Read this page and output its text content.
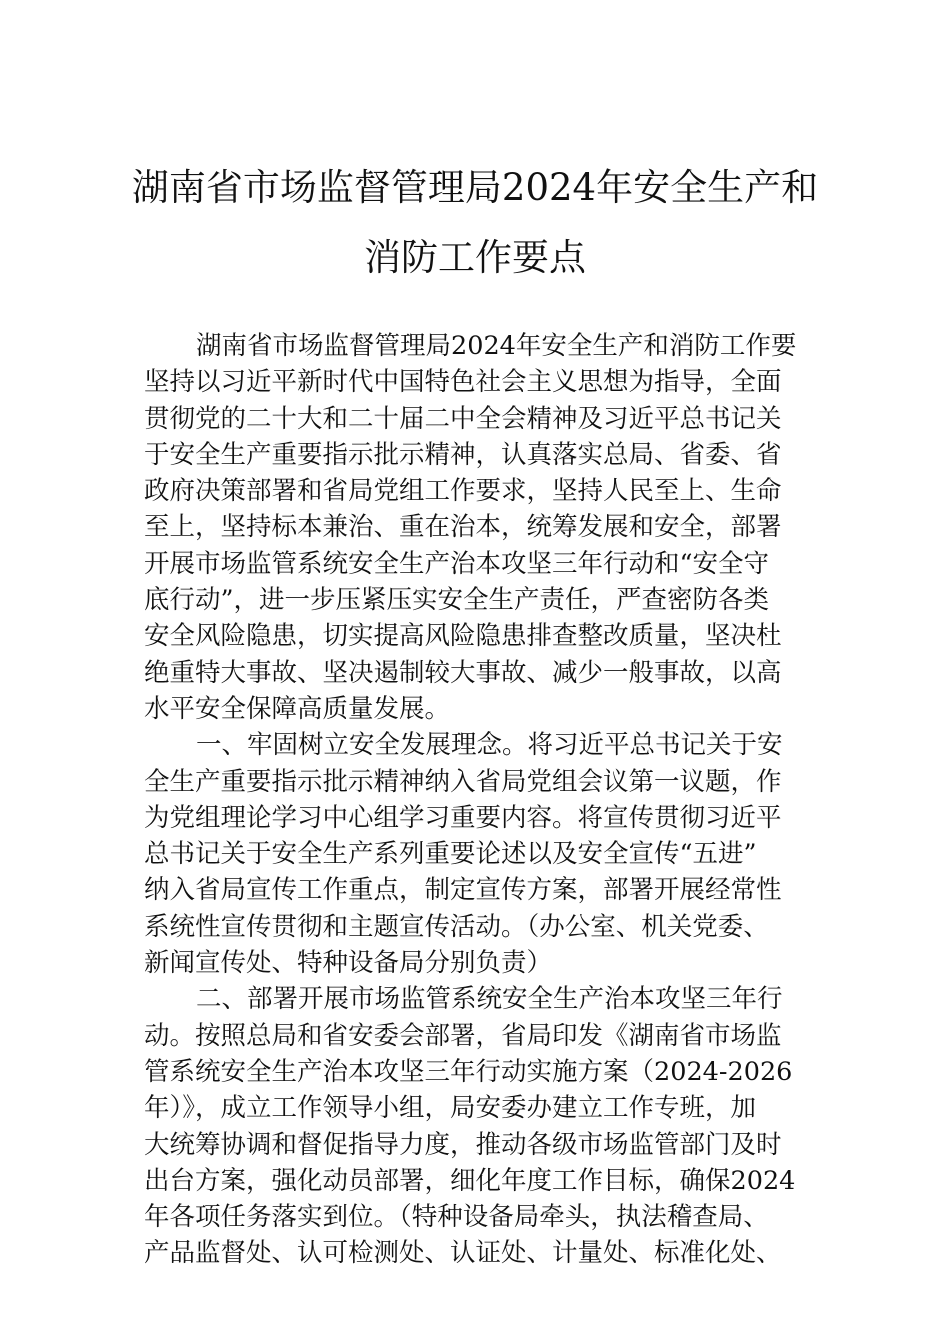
湖南省市场监督管理局2024年安全生产和
消防工作要点
湖南省市场监督管理局2024年安全生产和消防工作要
坚持以习近平新时代中国特色社会主义思想为指导，全面
贯彻党的二十大和二十届二中全会精神及习近平总书记关
于安全生产重要指示批示精神，认真落实总局、省委、省
政府决策部署和省局党组工作要求，坚持人民至上、生命
至上，坚持标本兼治、重在治本，统筹发展和安全，部署
开展市场监管系统安全生产治本攻坚三年行动和“安全守
底行动”，进一步压紧压实安全生产责任，严查密防各类
安全风险隐患，切实提高风险隐患排查整改质量，坚决杜
绝重特大事故、坚决遏制较大事故、减少一般事故，以高
水平安全保障高质量发展。
一、牢固树立安全发展理念。将习近平总书记关于安
全生产重要指示批示精神纳入省局党组会议第一议题，作
为党组理论学习中心组学习重要内容。将宣传贯彻习近平
总书记关于安全生产系列重要论述以及安全宣传“五进”
纳入省局宣传工作重点，制定宣传方案，部署开展经常性
系统性宣传贯彻和主题宣传活动。（办公室、机关党委、
新闻宣传处、特种设备局分别负责）
二、部署开展市场监管系统安全生产治本攻坚三年行
动。按照总局和省安委会部署，省局印发《湖南省市场监
管系统安全生产治本攻坚三年行动实施方案（2024-2026
年）》，成立工作领导小组，局安委办建立工作专班，加
大统筹协调和督促指导力度，推动各级市场监管部门及时
出台方案，强化动员部署，细化年度工作目标，确保2024
年各项任务落实到位。（特种设备局牵头，执法稽查局、
产品监督处、认可检测处、认证处、计量处、标准化处、
